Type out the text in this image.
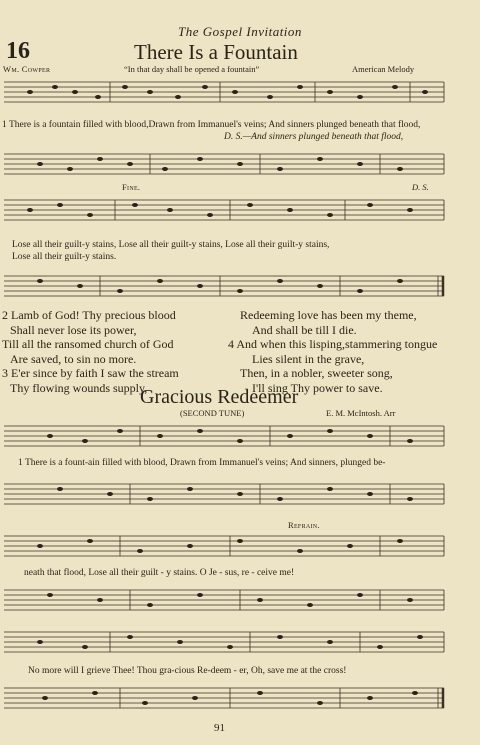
The Gospel Invitation
16	There Is a Fountain
Wm. Cowper	“In that day shall be opened a fountain”	American Melody
1 There is a fountain filled with blood,Drawn from Immanuel's veins; And sinners plunged beneath that flood,
D. S.—And sinners plunged beneath that flood,
Fine.	D. S.
Lose all their guilt-y stains, Lose all their guilt-y stains, Lose all their guilt-y stains,
Lose all their guilt-y stains.
2 Lamb of God! Thy precious blood
Shall never lose its power,
Till all the ransomed church of God
Are saved, to sin no more.
3 E'er since by faith I saw the stream
Thy flowing wounds supply,
Redeeming love has been my theme,
And shall be till I die.
4 And when this lisping,stammering tongue
Lies silent in the grave,
Then, in a nobler, sweeter song,
I'll sing Thy power to save.
Gracious Redeemer
(SECOND TUNE)	E. M. McIntosh. Arr
1 There is a fount-ain filled with blood, Drawn from Immanuel's veins; And sinners, plunged be-
Refrain.
neath that flood, Lose all their guilt - y stains. O Je - sus, re - ceive me!
No more will I grieve Thee! Thou gra-cious Re-deem - er, Oh, save me at the cross!
91
